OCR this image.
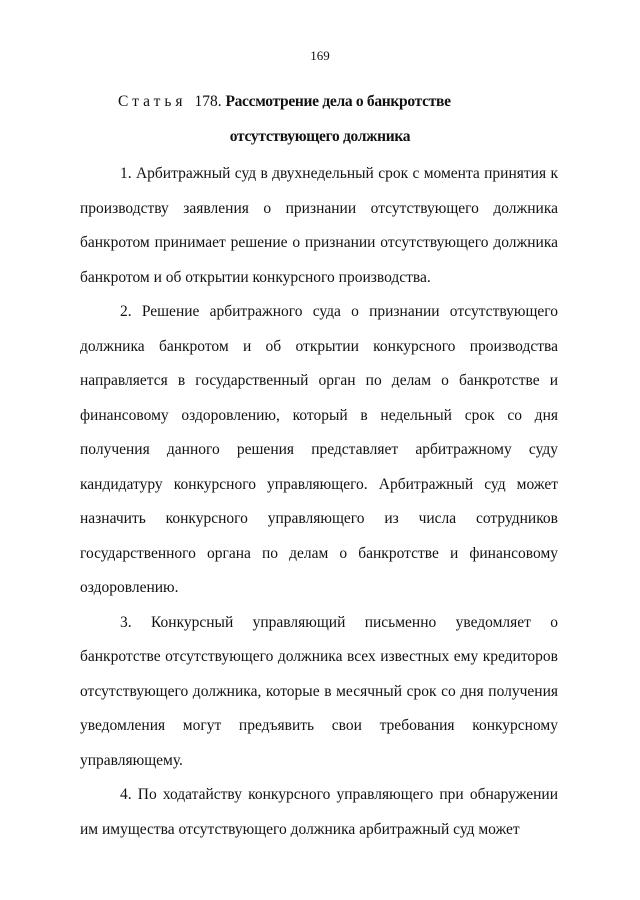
169
Статья 178. Рассмотрение дела о банкротстве
отсутствующего должника

1. Арбитражный суд в двухнедельный срок с момента принятия к производству заявления о признании отсутствующего должника банкротом принимает решение о признании отсутствующего должника банкротом и об открытии конкурсного производства.

2. Решение арбитражного суда о признании отсутствующего должника банкротом и об открытии конкурсного производства направляется в государственный орган по делам о банкротстве и финансовому оздоровлению, который в недельный срок со дня получения данного решения представляет арбитражному суду кандидатуру конкурсного управляющего. Арбитражный суд может назначить конкурсного управляющего из числа сотрудников государственного органа по делам о банкротстве и финансовому оздоровлению.

3. Конкурсный управляющий письменно уведомляет о банкротстве отсутствующего должника всех известных ему кредиторов отсутствующего должника, которые в месячный срок со дня получения уведомления могут предъявить свои требования конкурсному управляющему.

4. По ходатайству конкурсного управляющего при обнаружении им имущества отсутствующего должника арбитражный суд может
